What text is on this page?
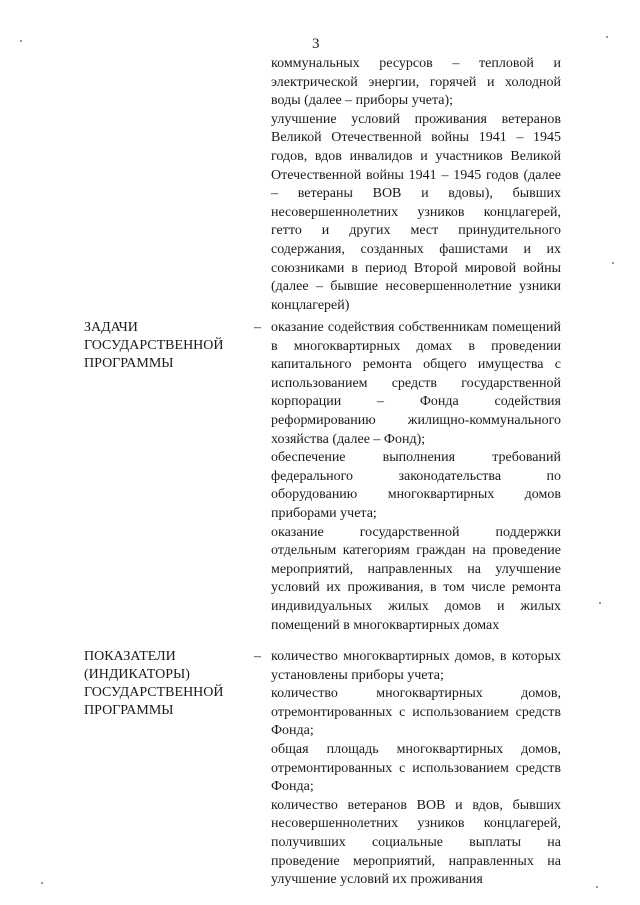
3

коммунальных ресурсов – тепловой и электрической энергии, горячей и холодной воды (далее – приборы учета);

улучшение условий проживания ветеранов Великой Отечественной войны 1941 – 1945 годов, вдов инвалидов и участников Великой Отечественной войны 1941 – 1945 годов (далее – ветераны ВОВ и вдовы), бывших несовершеннолетних узников концлагерей, гетто и других мест принудительного содержания, созданных фашистами и их союзниками в период Второй мировой войны (далее – бывшие несовершеннолетние узники концлагерей)

ЗАДАЧИ
ГОСУДАРСТВЕННОЙ
ПРОГРАММЫ
– оказание содействия собственникам помещений в многоквартирных домах в проведении капитального ремонта общего имущества с использованием средств государственной корпорации – Фонда содействия реформированию жилищно-коммунального хозяйства (далее – Фонд);

обеспечение выполнения требований федерального законодательства по оборудованию многоквартирных домов приборами учета;

оказание государственной поддержки отдельным категориям граждан на проведение мероприятий, направленных на улучшение условий их проживания, в том числе ремонта индивидуальных жилых домов и жилых помещений в многоквартирных домах

ПОКАЗАТЕЛИ
(ИНДИКАТОРЫ)
ГОСУДАРСТВЕННОЙ
ПРОГРАММЫ
– количество многоквартирных домов, в которых установлены приборы учета;

количество многоквартирных домов, отремонтированных с использованием средств Фонда;

общая площадь многоквартирных домов, отремонтированных с использованием средств Фонда;

количество ветеранов ВОВ и вдов, бывших несовершеннолетних узников концлагерей, получивших социальные выплаты на проведение мероприятий, направленных на улучшение условий их проживания
